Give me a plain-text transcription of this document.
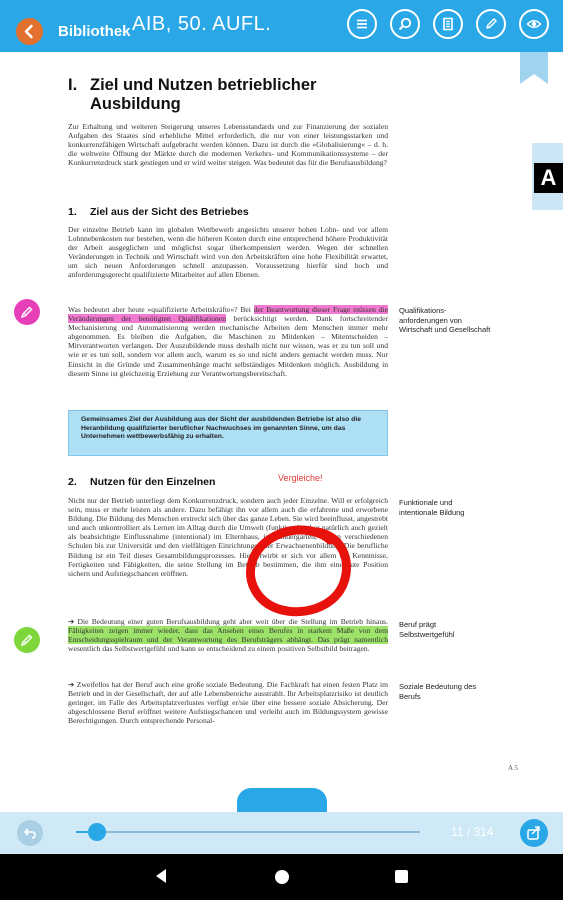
Bibliothek AIB, 50. AUFL.
A
I. Ziel und Nutzen betrieblicher Ausbildung
Zur Erhaltung und weiteren Steigerung unseres Lebensstandards und zur Finanzierung der sozialen Aufgaben des Staates sind erhebliche Mittel erforderlich, die nur von einer leistungsstarken und konkurrenzfähigen Wirtschaft aufgebracht werden können. Dazu ist durch die »Globalisierung« – d. h. die weltweite Öffnung der Märkte durch die modernen Verkehrs- und Kommunikationssysteme – der Konkurrenzdruck stark gestiegen und er wird weiter steigen. Was bedeutet das für die Berufsausbildung?
1. Ziel aus der Sicht des Betriebes
Der einzelne Betrieb kann im globalen Wettbewerb angesichts unserer hohen Lohn- und vor allem Lohnnebenkosten nur bestehen, wenn die höheren Kosten durch eine entsprechend höhere Produktivität der Arbeit ausgeglichen und möglichst sogar überkompensiert werden. Wegen der schnellen Veränderungen in Technik und Wirtschaft wird von den Arbeitskräften eine hohe Flexibilität erwartet, um sich neuen Anforderungen schnell anzupassen. Voraussetzung hierfür sind hoch und anforderungsgerecht qualifizierte Mitarbeiter auf allen Ebenen.
Was bedeutet aber heute »qualifizierte Arbeitskräfte«? Bei der Beantwortung dieser Frage müssen die Veränderungen der benötigten Qualifikationen berücksichtigt werden. Dank fortschreitender Mechanisierung und Automatisierung werden mechanische Arbeiten dem Menschen immer mehr abgenommen. Es bleiben die Aufgaben, die Maschinen zu Mitdenken – Mitentscheiden – Mitverantworten verlangen. Der Auszubildende muss deshalb nicht nur wissen, was er zu tun soll und wie er es tun soll, sondern vor allem auch, warum es so und nicht anders gemacht werden muss. Nur Einsicht in die Gründe und Zusammenhänge macht selbständiges Mitdenken möglich. Ausbildung in diesem Sinne ist gleichzeitig Erziehung zur Verantwortungsbereitschaft.
Gemeinsames Ziel der Ausbildung aus der Sicht der ausbildenden Betriebe ist also die Heranbildung qualifizierter beruflicher Nachwuchses im genannten Sinne, um das Unternehmen wettbewerbsfähig zu erhalten.
2. Nutzen für den Einzelnen	Vergleiche!
Nicht nur der Betrieb unterliegt dem Konkurrenzdruck, sondern auch jeder Einzelne. Will er erfolgreich sein, muss er mehr leisten als andere. Dazu befähigt ihn vor allem auch die erfahrene und erworbene Bildung. Die Bildung des Menschen erstreckt sich über das ganze Leben. Sie wird beeinflusst, angestrebt und auch unkontrolliert als Lernen im Alltag durch die Umwelt (funktional), aber natürlich auch gezielt als beabsichtigte Einflussnahme (intentional) im Elternhaus, im Kindergarten, in den verschiedenen Schulen bis zur Universität und den vielfältigen Einrichtungen der Erwachsenenbildung. Die berufliche Bildung ist ein Teil dieses Gesamtbildungsprozesses. Hier erwirbt er sich vor allem die Kenntnisse, Fertigkeiten und Fähigkeiten, die seine Stellung im Betrieb bestimmen, die ihm eine gute Position sichern und Aufstiegschancen eröffnen.
➔ Die Bedeutung einer guten Berufsausbildung geht aber weit über die Stellung im Betrieb hinaus. Fähigkeiten zeigen immer wieder, dass das Ansehen eines Berufes in starkem Maße von dem Entscheidungsspielraum und der Verantwortung des Berufsträgers abhängt. Das prägt namentlich wesentlich das Selbstwertgefühl und kann so entscheidend zu einem positiven Selbstbild beitragen.
➔ Zweifellos hat der Beruf auch eine große soziale Bedeutung. Die Fachkraft hat einen festen Platz im Betrieb und in der Gesellschaft, der auf alle Lebensbereiche ausstrahlt. Ihr Arbeitsplatzrisiko ist deutlich geringer, im Falle des Arbeitsplatzverlustes verfügt er/sie über eine bessere soziale Absicherung. Der abgeschlossene Beruf eröffnet weitere Aufstiegschancen und verleiht auch im Bildungssystem gewisse Berechtigungen. Durch entsprechende Personal-
Qualifikations-anforderungen von Wirtschaft und Gesellschaft
Funktionale und intentionale Bildung
Beruf prägt Selbstwertgefühl
Soziale Bedeutung des Berufs
A 5
11 / 314
